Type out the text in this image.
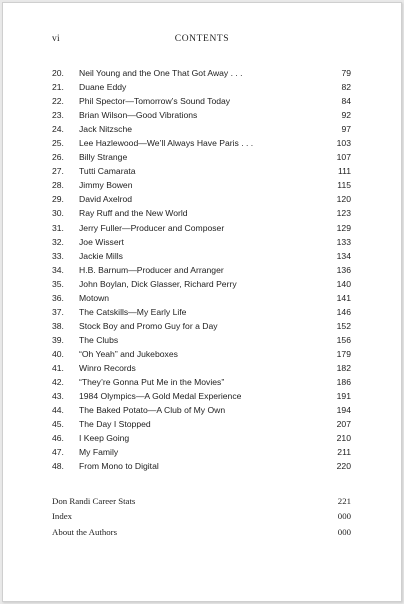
vi	CONTENTS
20. Neil Young and the One That Got Away . . .	79
21. Duane Eddy	82
22. Phil Spector—Tomorrow’s Sound Today	84
23. Brian Wilson—Good Vibrations	92
24. Jack Nitzsche	97
25. Lee Hazlewood—We’ll Always Have Paris . . .	103
26. Billy Strange	107
27. Tutti Camarata	111
28. Jimmy Bowen	115
29. David Axelrod	120
30. Ray Ruff and the New World	123
31. Jerry Fuller—Producer and Composer	129
32. Joe Wissert	133
33. Jackie Mills	134
34. H.B. Barnum—Producer and Arranger	136
35. John Boylan, Dick Glasser, Richard Perry	140
36. Motown	141
37. The Catskills—My Early Life	146
38. Stock Boy and Promo Guy for a Day	152
39. The Clubs	156
40. “Oh Yeah” and Jukeboxes	179
41. Winro Records	182
42. “They’re Gonna Put Me in the Movies”	186
43. 1984 Olympics—A Gold Medal Experience	191
44. The Baked Potato—A Club of My Own	194
45. The Day I Stopped	207
46. I Keep Going	210
47. My Family	211
48. From Mono to Digital	220
Don Randi Career Stats	221
Index	000
About the Authors	000
